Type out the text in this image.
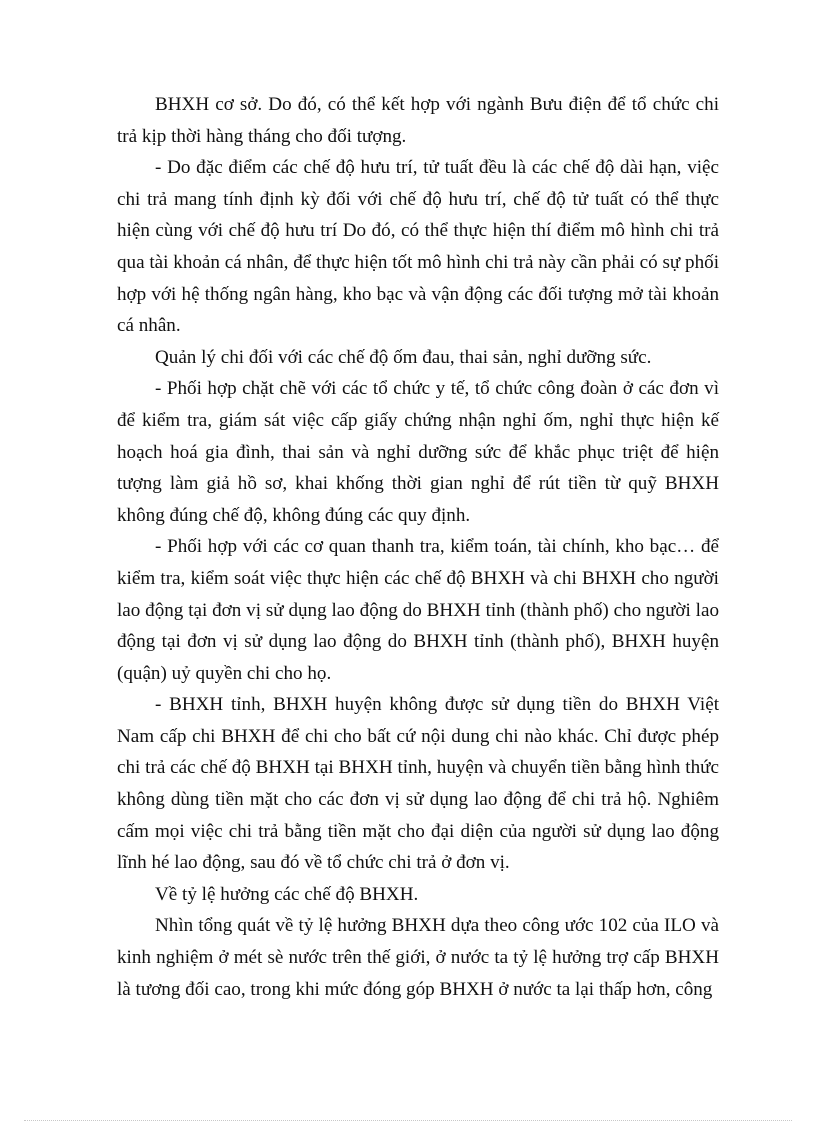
BHXH cơ sở. Do đó, có thể kết hợp với ngành Bưu điện để tổ chức chi trả kịp thời hàng tháng cho đối tượng.

- Do đặc điểm các chế độ hưu trí, tử tuất đều là các chế độ dài hạn, việc chi trả mang tính định kỳ đối với chế độ hưu trí, chế độ tử tuất có thể thực hiện cùng với chế độ hưu trí Do đó, có thể thực hiện thí điểm mô hình chi trả qua tài khoản cá nhân, để thực hiện tốt mô hình chi trả này cần phải có sự phối hợp với hệ thống ngân hàng, kho bạc và vận động các đối tượng mở tài khoản cá nhân.

Quản lý chi đối với các chế độ ốm đau, thai sản, nghỉ dưỡng sức.

- Phối hợp chặt chẽ với các tổ chức y tế, tổ chức công đoàn ở các đơn vì để kiểm tra, giám sát việc cấp giấy chứng nhận nghỉ ốm, nghỉ thực hiện kế hoạch hoá gia đình, thai sản và nghỉ dưỡng sức để khắc phục triệt để hiện tượng làm giả hồ sơ, khai khống thời gian nghỉ để rút tiền từ quỹ BHXH không đúng chế độ, không đúng các quy định.

- Phối hợp với các cơ quan thanh tra, kiểm toán, tài chính, kho bạc… để kiểm tra, kiểm soát việc thực hiện các chế độ BHXH và chi BHXH cho người lao động tại đơn vị sử dụng lao động do BHXH tỉnh (thành phố) cho người lao động tại đơn vị sử dụng lao động do BHXH tỉnh (thành phố), BHXH huyện (quận) uỷ quyền chi cho họ.

- BHXH tỉnh, BHXH huyện không được sử dụng tiền do BHXH Việt Nam cấp chi BHXH để chi cho bất cứ nội dung chi nào khác. Chỉ được phép chi trả các chế độ BHXH tại BHXH tỉnh, huyện và chuyển tiền bằng hình thức không dùng tiền mặt cho các đơn vị sử dụng lao động để chi trả hộ. Nghiêm cấm mọi việc chi trả bằng tiền mặt cho đại diện của người sử dụng lao động lĩnh hé lao động, sau đó về tổ chức chi trả ở đơn vị.

Về tỷ lệ hưởng các chế độ BHXH.

Nhìn tổng quát về tỷ lệ hưởng BHXH dựa theo công ước 102 của ILO và kinh nghiệm ở mét sè nước trên thế giới, ở nước ta tỷ lệ hưởng trợ cấp BHXH là tương đối cao, trong khi mức đóng góp BHXH ở nước ta lại thấp hơn, công
